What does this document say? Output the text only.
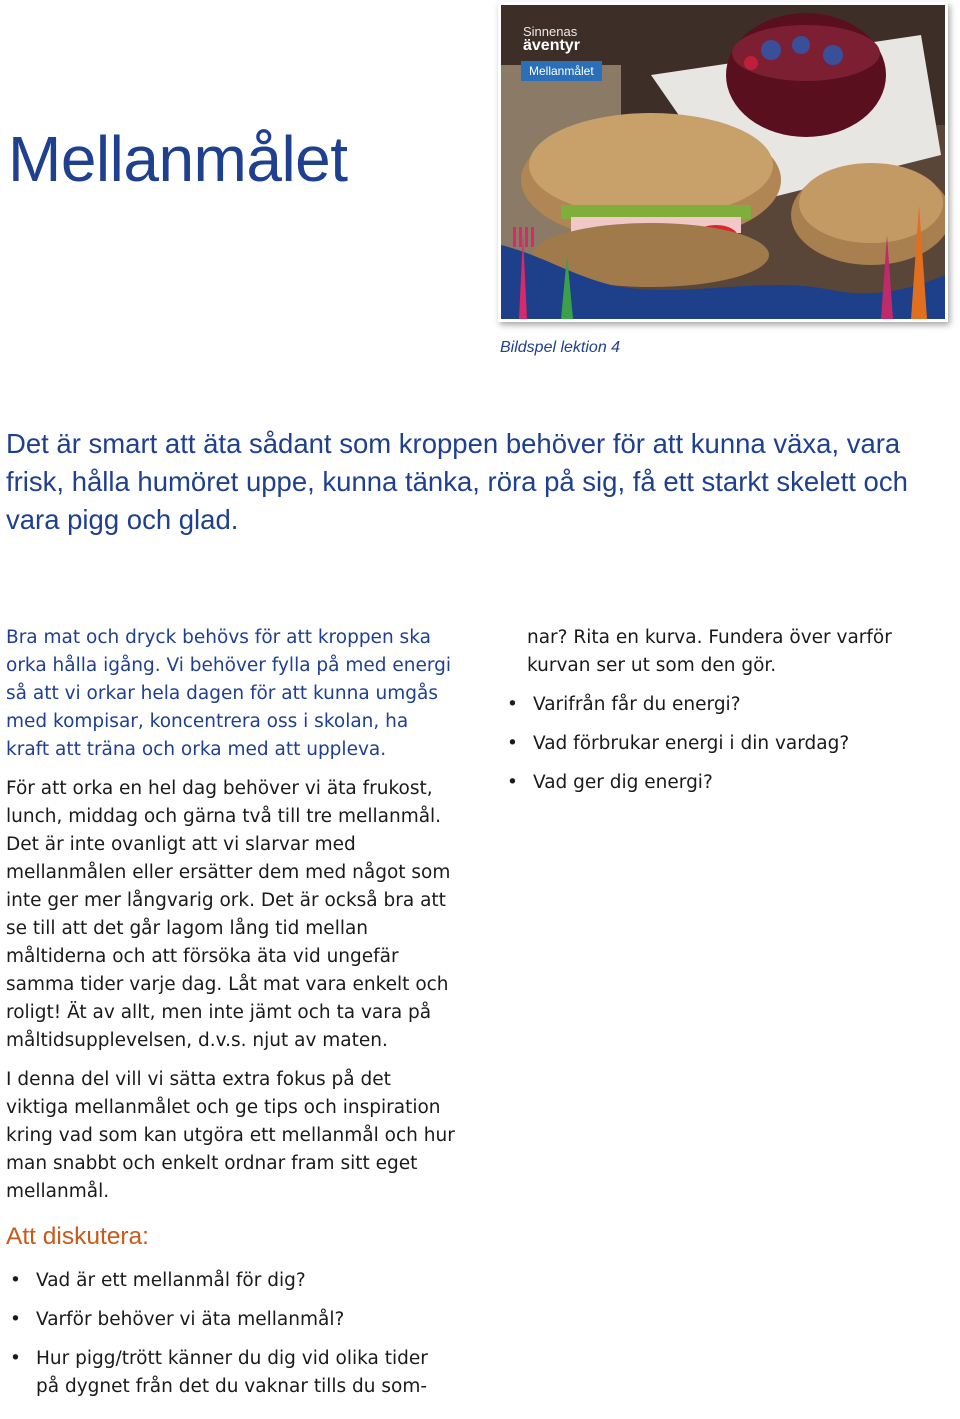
Mellanmålet
Sinnenas
äventyr
Mellanmålet
Bildspel lektion 4

Det är smart att äta sådant som kroppen behöver för att kunna växa, vara frisk, hålla humöret uppe, kunna tänka, röra på sig, få ett starkt skelett och vara pigg och glad.

Bra mat och dryck behövs för att kroppen ska orka hålla igång. Vi behöver fylla på med energi så att vi orkar hela dagen för att kunna umgås med kompisar, koncentrera oss i skolan, ha kraft att träna och orka med att uppleva.

För att orka en hel dag behöver vi äta frukost, lunch, middag och gärna två till tre mellanmål. Det är inte ovanligt att vi slarvar med mellanmålen eller ersätter dem med något som inte ger mer långvarig ork. Det är också bra att se till att det går lagom lång tid mellan måltiderna och att försöka äta vid ungefär samma tider varje dag. Låt mat vara enkelt och roligt! Ät av allt, men inte jämt och ta vara på måltidsupplevelsen, d.v.s. njut av maten.

I denna del vill vi sätta extra fokus på det viktiga mellanmålet och ge tips och inspiration kring vad som kan utgöra ett mellanmål och hur man snabbt och enkelt ordnar fram sitt eget mellanmål.

Att diskutera:
• Vad är ett mellanmål för dig?
• Varför behöver vi äta mellanmål?
• Hur pigg/trött känner du dig vid olika tider på dygnet från det du vaknar tills du som-

nar? Rita en kurva. Fundera över varför kurvan ser ut som den gör.

• Varifrån får du energi?
• Vad förbrukar energi i din vardag?
• Vad ger dig energi?
